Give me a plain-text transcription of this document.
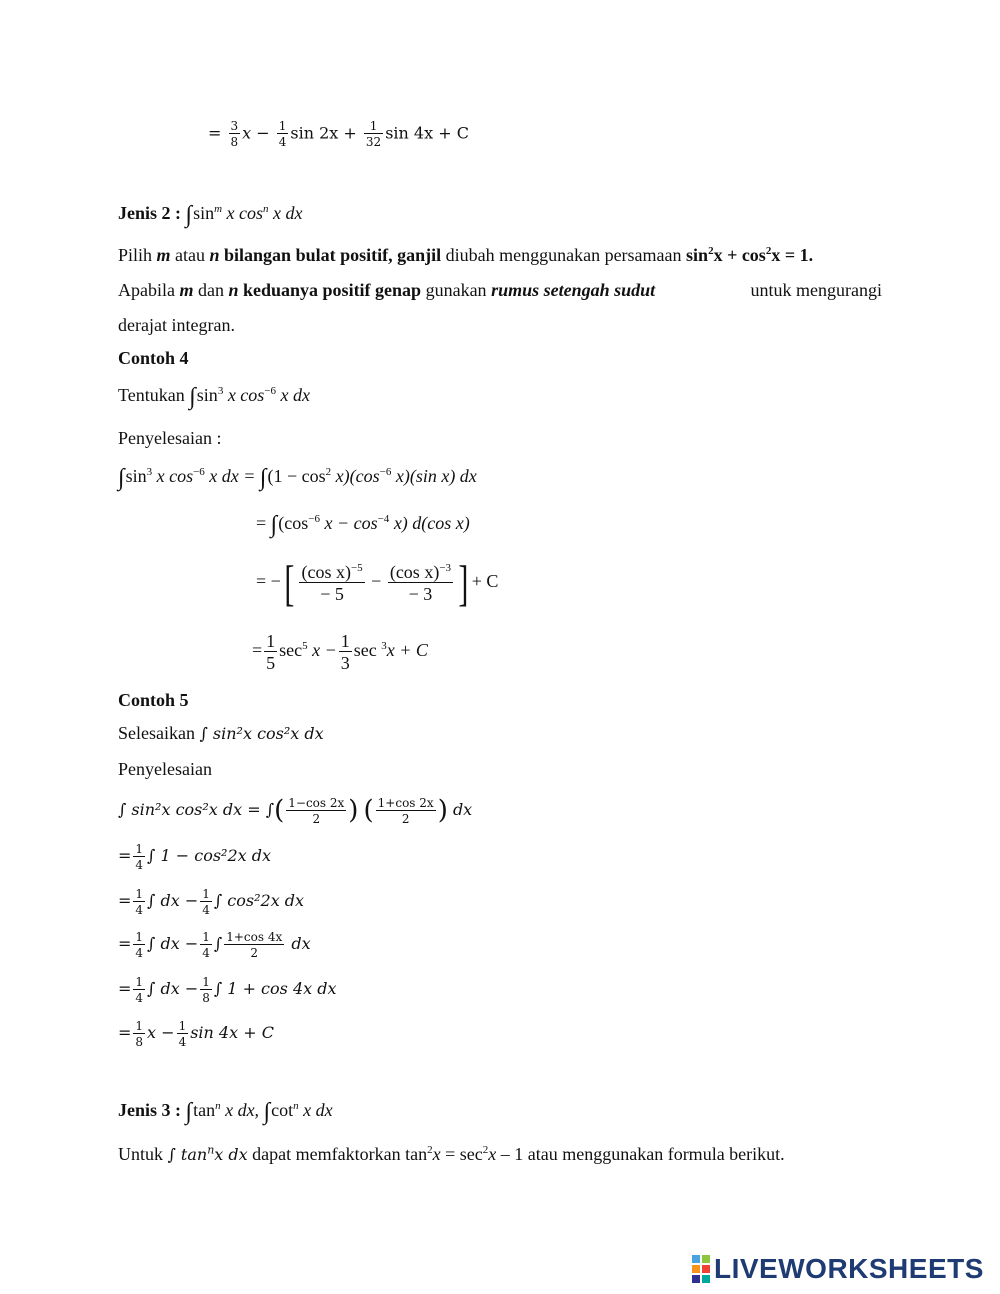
= $\frac{3}{8}$ $x - \frac{1}{4}$ $\sin 2x + \frac{1}{32}$ sin 4x + C
Jenis 2 : $\int\sin^m$ x $\cos^n x$ dx
Pilih m atau n bilangan bulat positif, ganjil diubah menggunakan persamaan $\sin^2x + \cos^2x = 1$.
Apabila m dan n keduanya positif genap gunakan rumus setengah sudut	untuk mengurangi
derajat integran.
Contoh 4
Tentukan $\int\sin^3$ x $\cos^{-6} x$ dx
Penyelesaian :
$\int\sin^3$ x $\cos^{-6} x$ dx = $\int(1 - \cos^2 x)(\cos^{-6}$ x)(sin x) dx
= $\int(\cos^{-6}$ $x - \cos^{-4} x$) d(cos x)
= −[ $\frac{(\cos x)^{-5}}{- 5} - \frac{(\cos x)^{-3}}{- 3}$ ] + C
= $\frac{1}{5} \sec^5 x - \frac{1}{3}$ sec $^3$x + C
Contoh 5
Selesaikan ∫ sin²x cos²x dx
Penyelesaian
∫ sin²x cos²x dx = ∫( $\frac{1-\cos 2x}{2}$ ) ( $\frac{1+\cos 2x}{2}$ ) dx
= $\frac{1}{4}$ ∫ 1 − cos²2x dx
= $\frac{1}{4}$ ∫ dx − $\frac{1}{4}$ ∫ cos²2x dx
= $\frac{1}{4}$ ∫ dx − $\frac{1}{4}$ ∫ $\frac{1+\cos 4x}{2}$ dx
= $\frac{1}{4}$ ∫ dx − $\frac{1}{8}$ ∫ 1 + cos 4x dx
= $\frac{1}{8}$ $x - \frac{1}{4}$ sin 4x + C
Jenis 3 : $\int\tan^n$ x dx, $\int\cot^n$ x dx
Untuk ∫ $\tan^nx$ dx dapat memfaktorkan $\tan^2x = \sec^2x - 1$ atau menggunakan formula berikut.
LIVEWORKSHEETS
